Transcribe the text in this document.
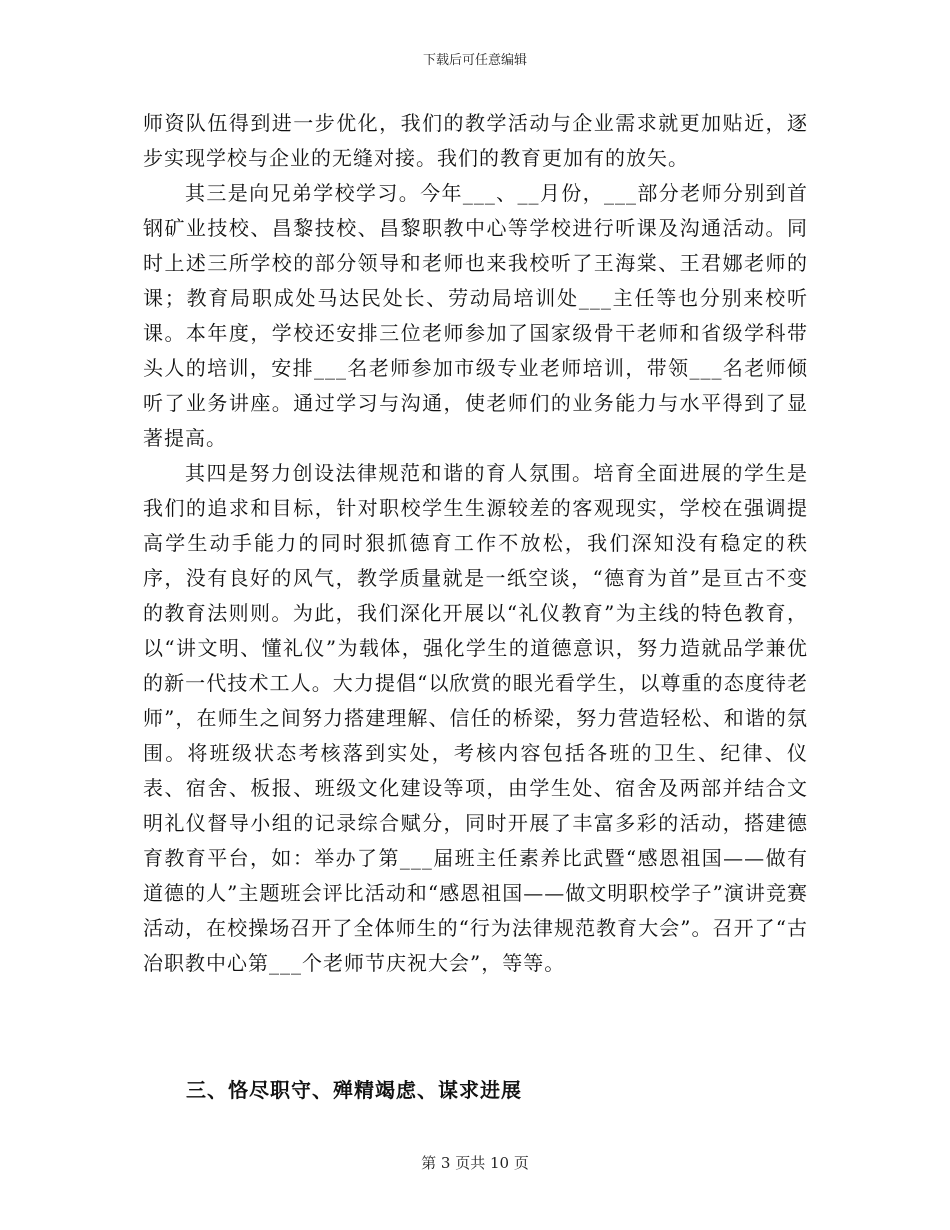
下载后可任意编辑

师资队伍得到进一步优化，我们的教学活动与企业需求就更加贴近，逐步实现学校与企业的无缝对接。我们的教育更加有的放矢。

其三是向兄弟学校学习。今年___、__月份，___部分老师分别到首钢矿业技校、昌黎技校、昌黎职教中心等学校进行听课及沟通活动。同时上述三所学校的部分领导和老师也来我校听了王海棠、王君娜老师的课；教育局职成处马达民处长、劳动局培训处___主任等也分别来校听课。本年度，学校还安排三位老师参加了国家级骨干老师和省级学科带头人的培训，安排___名老师参加市级专业老师培训，带领___名老师倾听了业务讲座。通过学习与沟通，使老师们的业务能力与水平得到了显著提高。

其四是努力创设法律规范和谐的育人氛围。培育全面进展的学生是我们的追求和目标，针对职校学生生源较差的客观现实，学校在强调提高学生动手能力的同时狠抓德育工作不放松，我们深知没有稳定的秩序，没有良好的风气，教学质量就是一纸空谈，“德育为首”是亘古不变的教育法则则。为此，我们深化开展以“礼仪教育”为主线的特色教育，以“讲文明、懂礼仪”为载体，强化学生的道德意识，努力造就品学兼优的新一代技术工人。大力提倡“以欣赏的眼光看学生，以尊重的态度待老师”，在师生之间努力搭建理解、信任的桥梁，努力营造轻松、和谐的氛围。将班级状态考核落到实处，考核内容包括各班的卫生、纪律、仪表、宿舍、板报、班级文化建设等项，由学生处、宿舍及两部并结合文明礼仪督导小组的记录综合赋分，同时开展了丰富多彩的活动，搭建德育教育平台，如：举办了第___届班主任素养比武暨“感恩祖国——做有道德的人”主题班会评比活动和“感恩祖国——做文明职校学子”演讲竞赛活动，在校操场召开了全体师生的“行为法律规范教育大会”。召开了“古冶职教中心第___个老师节庆祝大会”，等等。

三、恪尽职守、殚精竭虑、谋求进展
第 3 页共 10 页
